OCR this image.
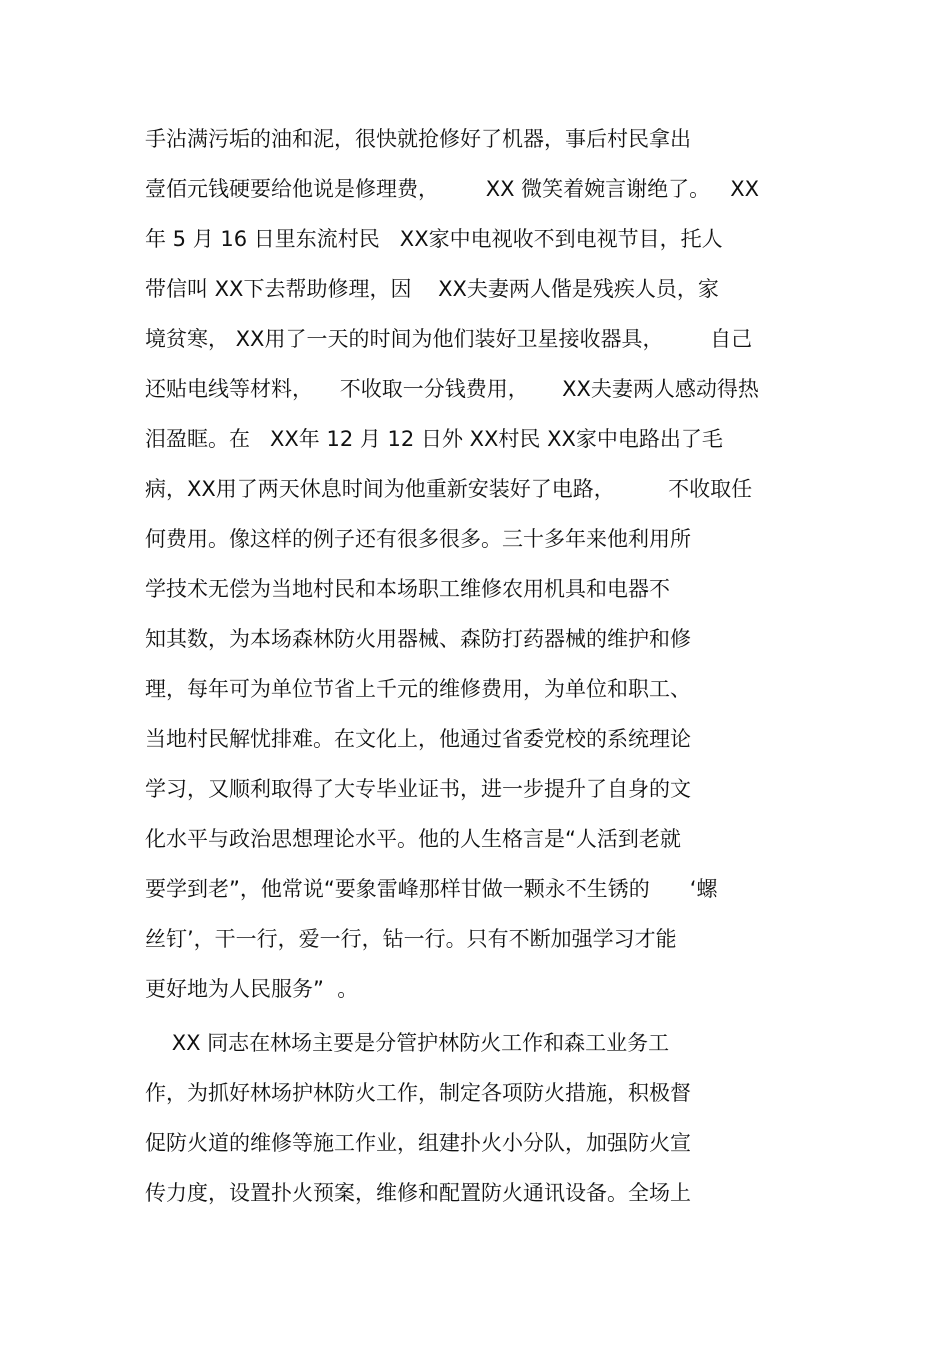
手沾满污垢的油和泥，很快就抢修好了机器，事后村民拿出
壹佰元钱硬要给他说是修理费，       XX 微笑着婉言谢绝了。   XX
年 5 月 16 日里东流村民   XX家中电视收不到电视节目，托人
带信叫 XX下去帮助修理，因    XX夫妻两人偕是残疾人员，家
境贫寒， XX用了一天的时间为他们装好卫星接收器具，       自己
还贴电线等材料，    不收取一分钱费用，     XX夫妻两人感动得热
泪盈眶。在   XX年 12 月 12 日外 XX村民 XX家中电路出了毛
病，XX用了两天休息时间为他重新安装好了电路，        不收取任
何费用。像这样的例子还有很多很多。三十多年来他利用所
学技术无偿为当地村民和本场职工维修农用机具和电器不
知其数，为本场森林防火用器械、森防打药器械的维护和修
理，每年可为单位节省上千元的维修费用，为单位和职工、
当地村民解忧排难。在文化上，他通过省委党校的系统理论
学习，又顺利取得了大专毕业证书，进一步提升了自身的文
化水平与政治思想理论水平。他的人生格言是“人活到老就
要学到老”，他常说“要象雷峰那样甘做一颗永不生锈的      ‘螺
丝钉’，干一行，爱一行，钻一行。只有不断加强学习才能
更好地为人民服务”  。
XX 同志在林场主要是分管护林防火工作和森工业务工
作，为抓好林场护林防火工作，制定各项防火措施，积极督
促防火道的维修等施工作业，组建扑火小分队，加强防火宣
传力度，设置扑火预案，维修和配置防火通讯设备。全场上
